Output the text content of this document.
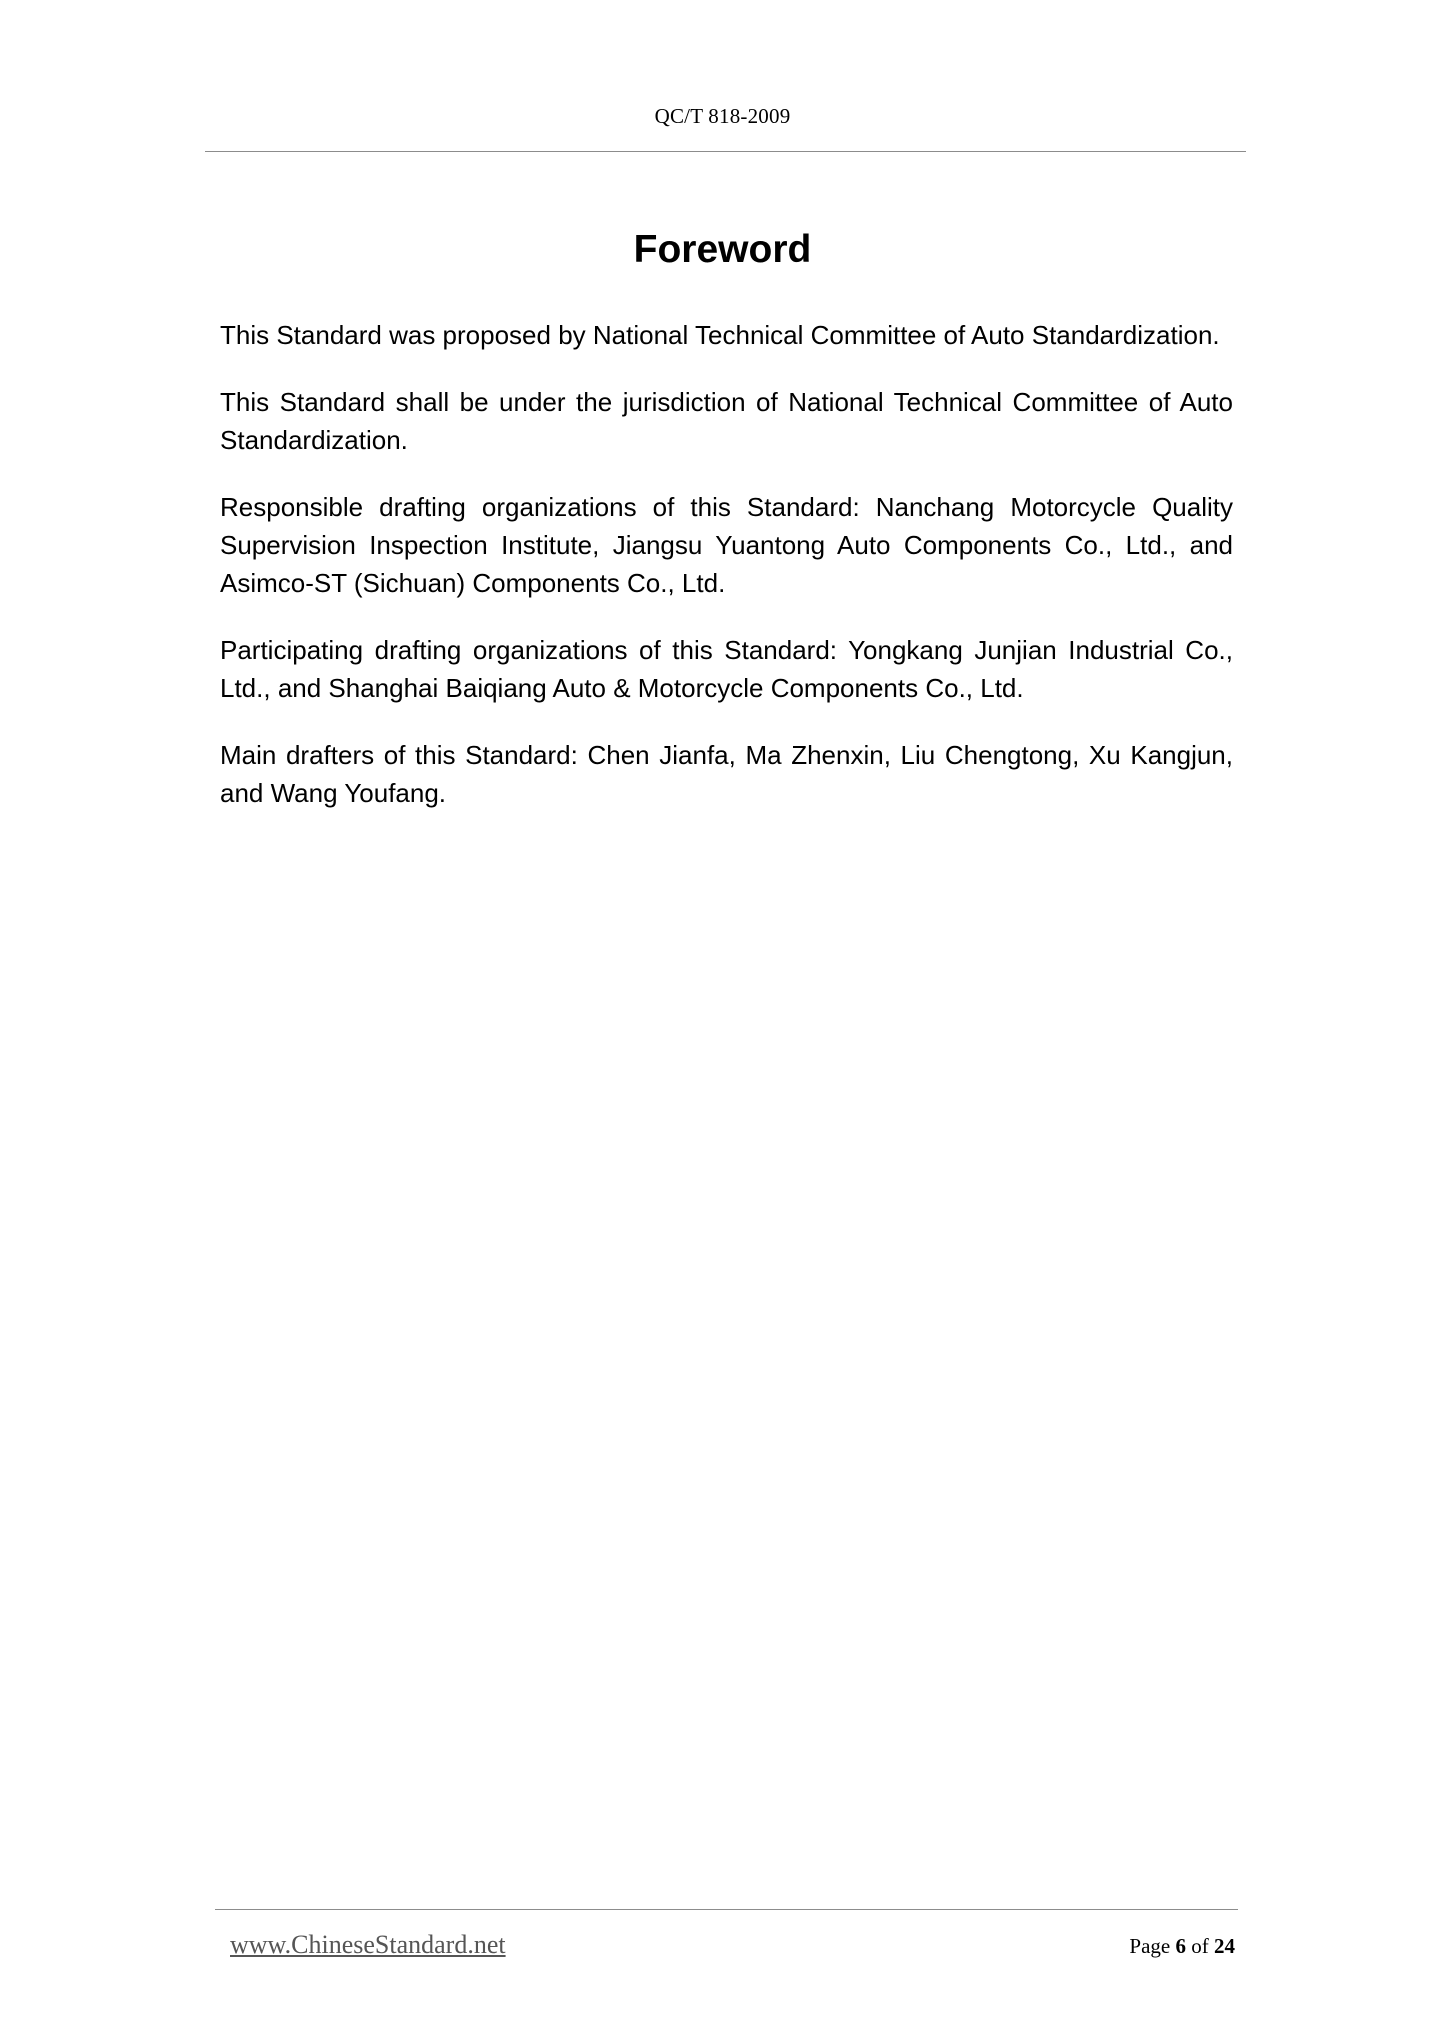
QC/T 818-2009
Foreword

This Standard was proposed by National Technical Committee of Auto Standardization.

This Standard shall be under the jurisdiction of National Technical Committee of Auto Standardization.

Responsible drafting organizations of this Standard: Nanchang Motorcycle Quality Supervision Inspection Institute, Jiangsu Yuantong Auto Components Co., Ltd., and Asimco-ST (Sichuan) Components Co., Ltd.

Participating drafting organizations of this Standard: Yongkang Junjian Industrial Co., Ltd., and Shanghai Baiqiang Auto & Motorcycle Components Co., Ltd.

Main drafters of this Standard: Chen Jianfa, Ma Zhenxin, Liu Chengtong, Xu Kangjun, and Wang Youfang.

www.ChineseStandard.net	Page 6 of 24
